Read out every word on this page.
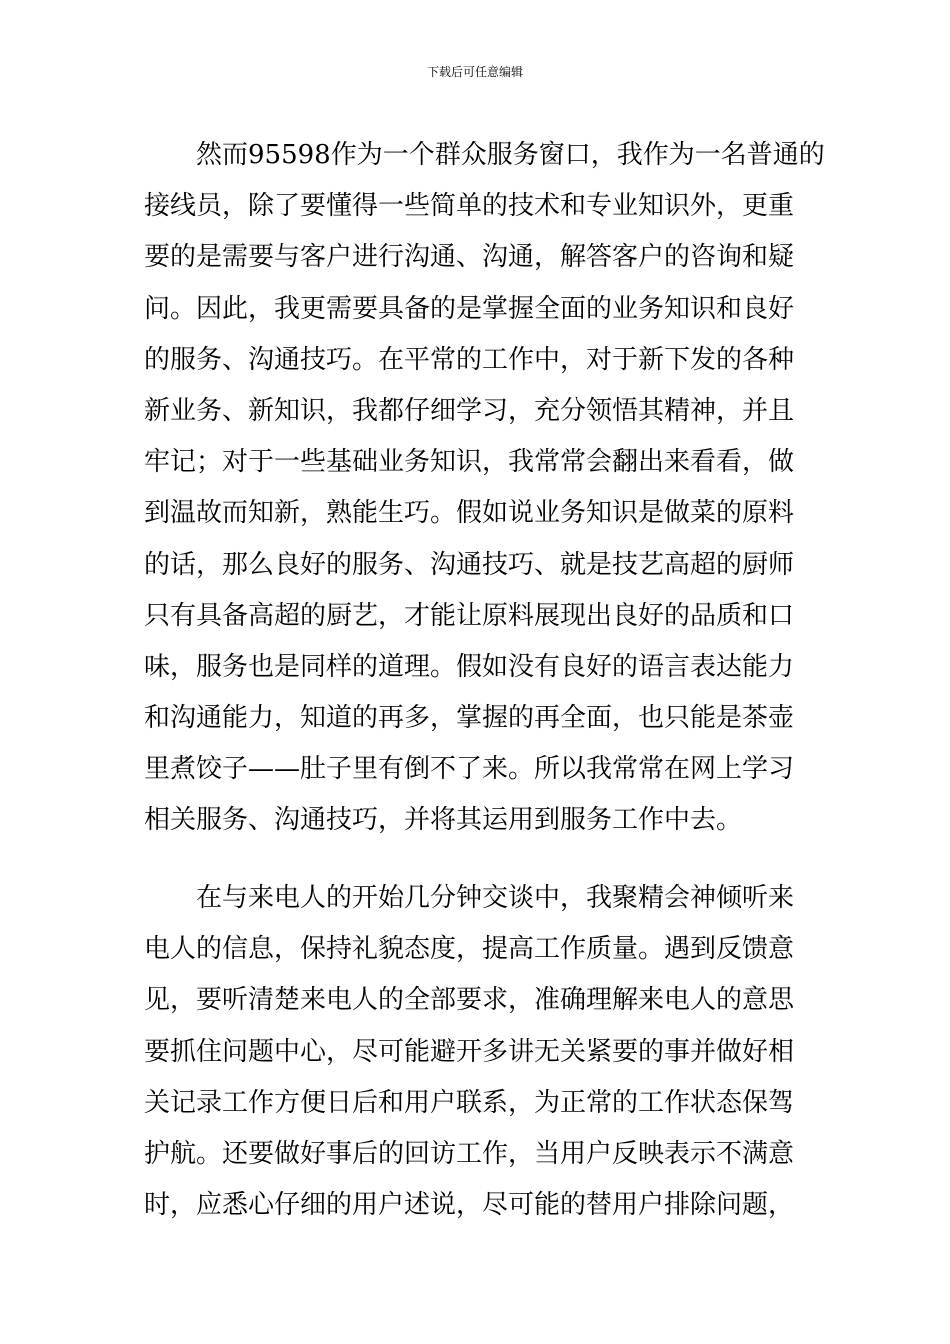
下载后可任意编辑
然而95598作为一个群众服务窗口，我作为一名普通的
接线员，除了要懂得一些简单的技术和专业知识外，更重
要的是需要与客户进行沟通、沟通，解答客户的咨询和疑
问。因此，我更需要具备的是掌握全面的业务知识和良好
的服务、沟通技巧。在平常的工作中，对于新下发的各种
新业务、新知识，我都仔细学习，充分领悟其精神，并且
牢记；对于一些基础业务知识，我常常会翻出来看看，做
到温故而知新，熟能生巧。假如说业务知识是做菜的原料
的话，那么良好的服务、沟通技巧、就是技艺高超的厨师
只有具备高超的厨艺，才能让原料展现出良好的品质和口
味，服务也是同样的道理。假如没有良好的语言表达能力
和沟通能力，知道的再多，掌握的再全面，也只能是茶壶
里煮饺子——肚子里有倒不了来。所以我常常在网上学习
相关服务、沟通技巧，并将其运用到服务工作中去。
在与来电人的开始几分钟交谈中，我聚精会神倾听来
电人的信息，保持礼貌态度，提高工作质量。遇到反馈意
见，要听清楚来电人的全部要求，准确理解来电人的意思
要抓住问题中心，尽可能避开多讲无关紧要的事并做好相
关记录工作方便日后和用户联系，为正常的工作状态保驾
护航。还要做好事后的回访工作，当用户反映表示不满意
时，应悉心仔细的用户述说，尽可能的替用户排除问题，
